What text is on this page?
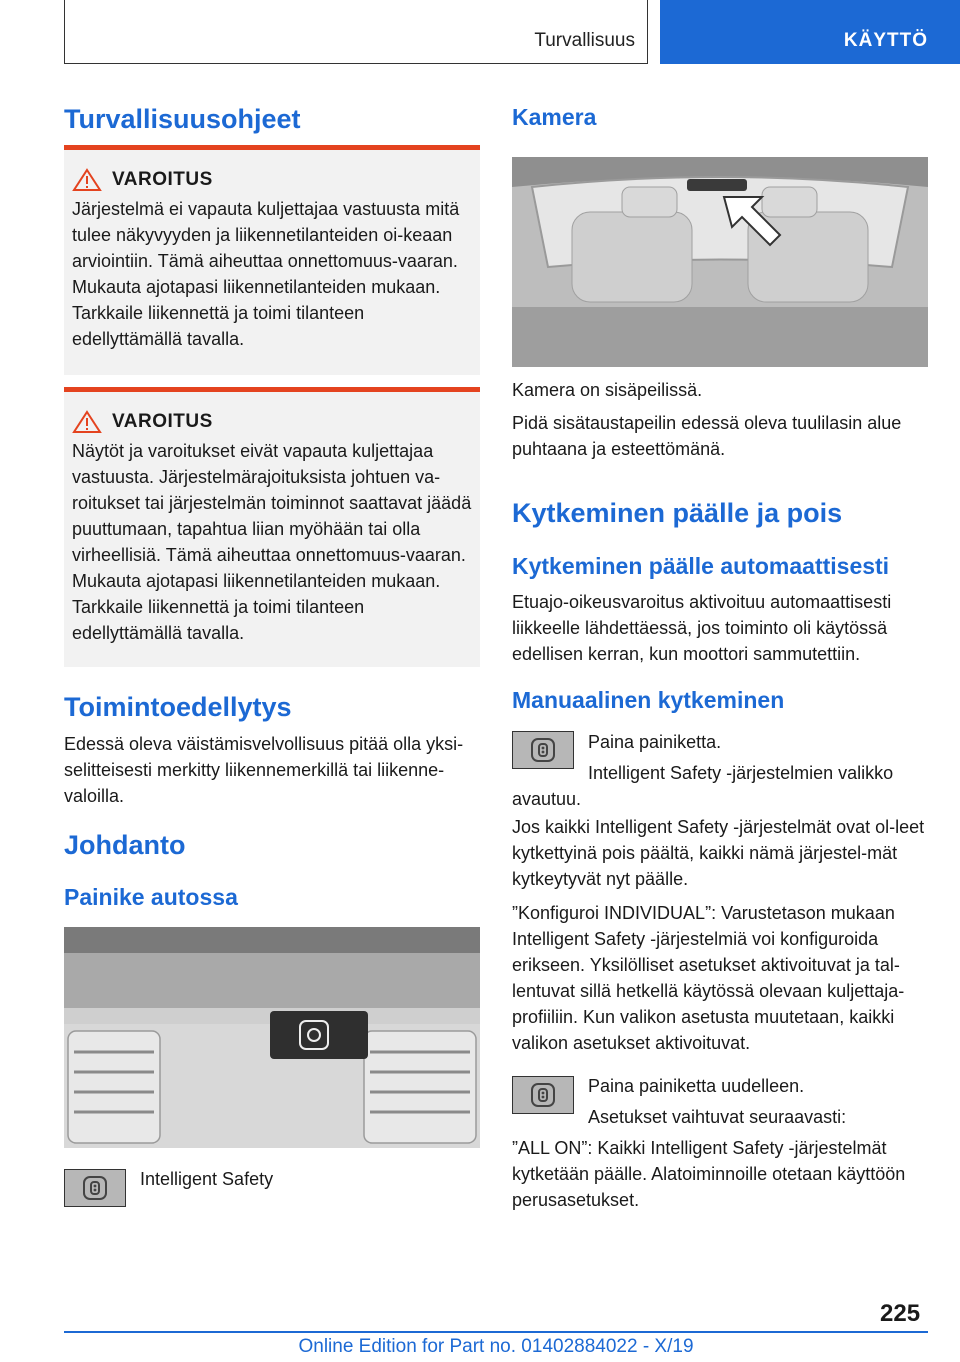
Turvallisuus	KÄYTTÖ
Turvallisuusohjeet
VAROITUS

Järjestelmä ei vapauta kuljettajaa vastuusta mitä tulee näkyvyyden ja liikennetilanteiden oi-keaan arviointiin. Tämä aiheuttaa onnettomuus-vaaran. Mukauta ajotapasi liikennetilanteiden mukaan. Tarkkaile liikennettä ja toimi tilanteen edellyttämällä tavalla.

VAROITUS

Näytöt ja varoitukset eivät vapauta kuljettajaa vastuusta. Järjestelmärajoituksista johtuen va-roitukset tai järjestelmän toiminnot saattavat jäädä puuttumaan, tapahtua liian myöhään tai olla virheellisiä. Tämä aiheuttaa onnettomuus-vaaran. Mukauta ajotapasi liikennetilanteiden mukaan. Tarkkaile liikennettä ja toimi tilanteen edellyttämällä tavalla.

Toimintoedellytys

Edessä oleva väistämisvelvollisuus pitää olla yksi-selitteisesti merkitty liikennemerkillä tai liikenne-valoilla.

Johdanto
Painike autossa

Intelligent Safety

Kamera

Kamera on sisäpeilissä.

Pidä sisätaustapeilin edessä oleva tuulilasin alue puhtaana ja esteettömänä.

Kytkeminen päälle ja pois
Kytkeminen päälle automaattisesti

Etuajo-oikeusvaroitus aktivoituu automaattisesti liikkeelle lähdettäessä, jos toiminto oli käytössä edellisen kerran, kun moottori sammutettiin.

Manuaalinen kytkeminen

Paina painiketta.

Intelligent Safety -järjestelmien valikko avautuu.

Jos kaikki Intelligent Safety -järjestelmät ovat ol-leet kytkettyinä pois päältä, kaikki nämä järjestel-mät kytkeytyvät nyt päälle.

”Konfiguroi INDIVIDUAL”: Varustetason mukaan Intelligent Safety -järjestelmiä voi konfiguroida erikseen. Yksilölliset asetukset aktivoituvat ja tal-lentuvat sillä hetkellä käytössä olevaan kuljettaja-profiiliin. Kun valikon asetusta muutetaan, kaikki valikon asetukset aktivoituvat.

Paina painiketta uudelleen.

Asetukset vaihtuvat seuraavasti:

”ALL ON”: Kaikki Intelligent Safety -järjestelmät kytketään päälle. Alatoiminnoille otetaan käyttöön perusasetukset.

225
Online Edition for Part no. 01402884022 - X/19
